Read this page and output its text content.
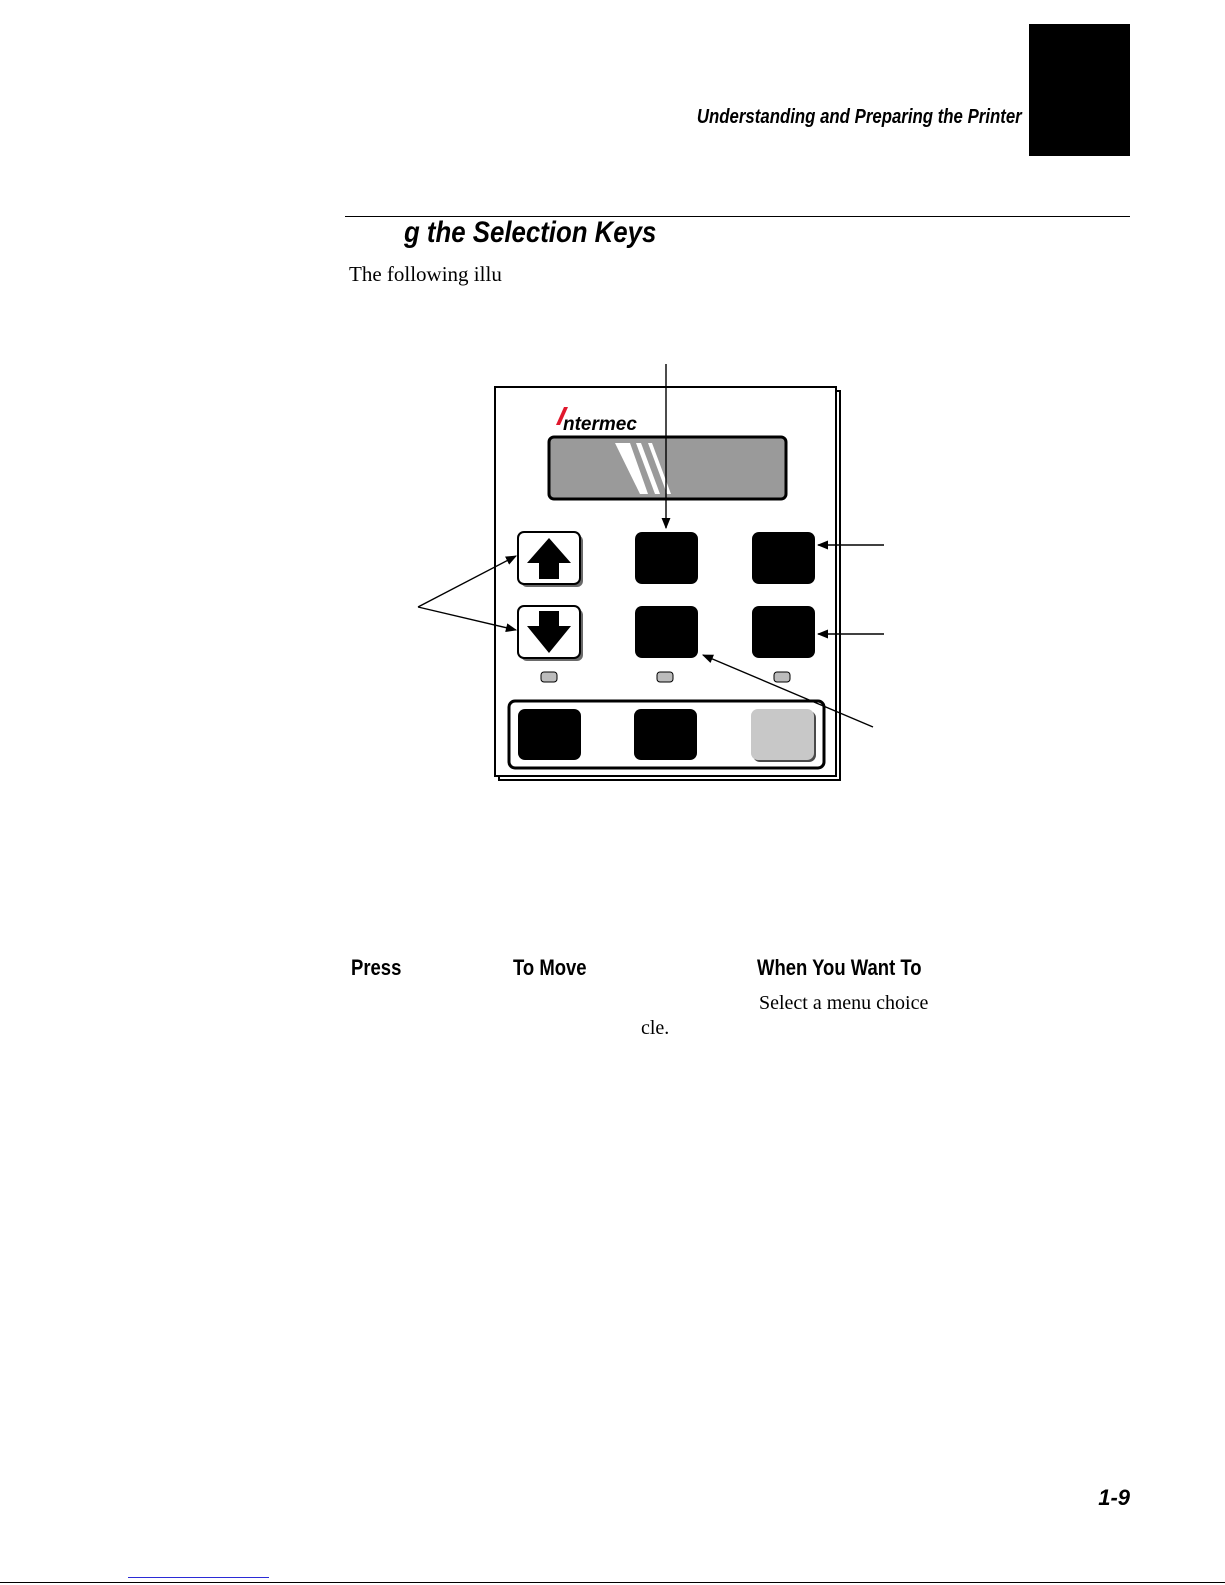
Understanding and Preparing the Printer
g the Selection Keys
The following illu
ntermec
Press	To Move	When You Want To
Select a menu choice
cle.
1-9
